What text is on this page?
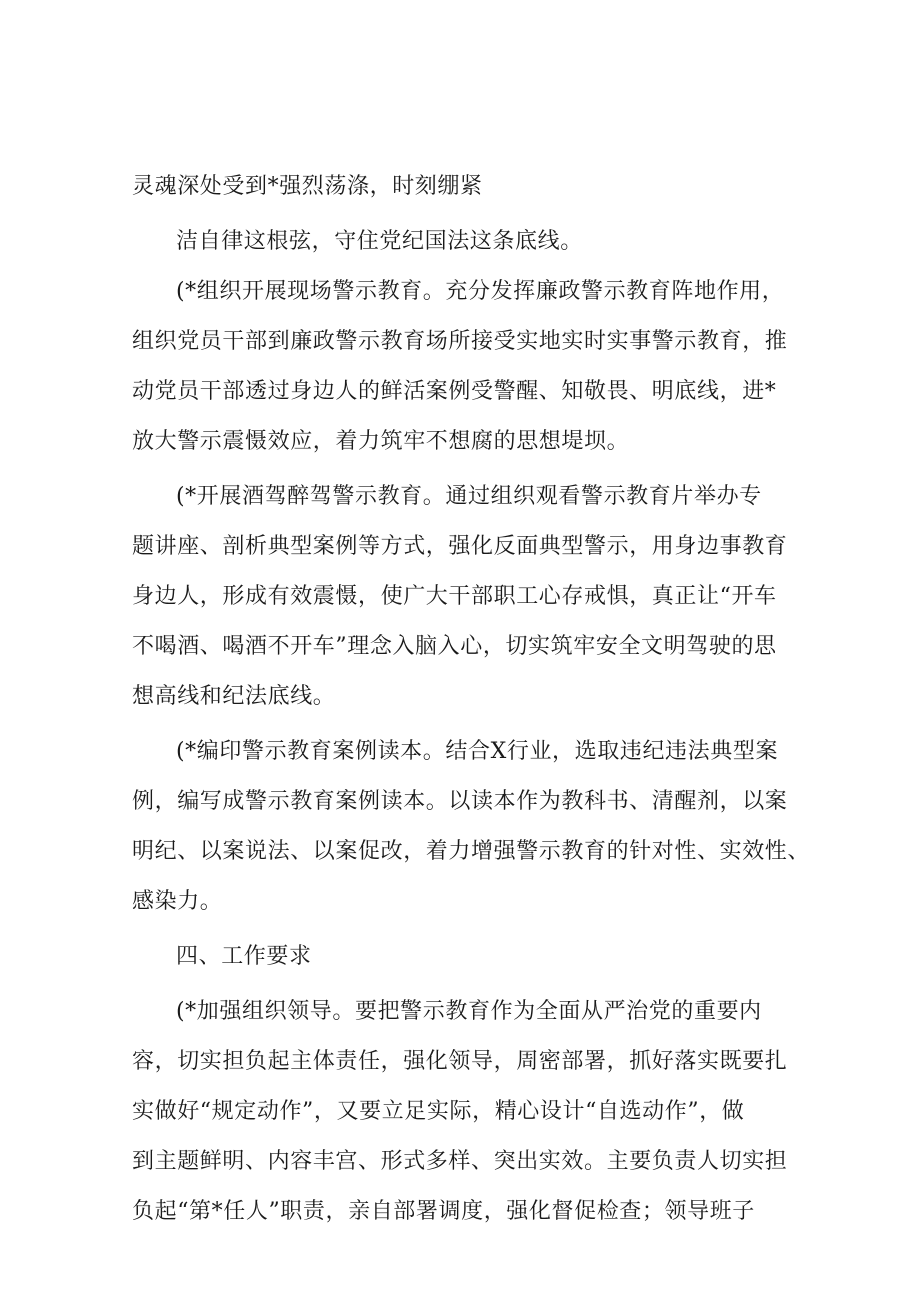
灵魂深处受到*强烈荡涤，时刻绷紧
洁自律这根弦，守住党纪国法这条底线。
(*组织开展现场警示教育。充分发挥廉政警示教育阵地作用，
组织党员干部到廉政警示教育场所接受实地实时实事警示教育，推
动党员干部透过身边人的鲜活案例受警醒、知敬畏、明底线，进*
放大警示震慑效应，着力筑牢不想腐的思想堤坝。
(*开展酒驾醉驾警示教育。通过组织观看警示教育片举办专
题讲座、剖析典型案例等方式，强化反面典型警示，用身边事教育
身边人，形成有效震慑，使广大干部职工心存戒惧，真正让“开车
不喝酒、喝酒不开车”理念入脑入心，切实筑牢安全文明驾驶的思
想高线和纪法底线。
(*编印警示教育案例读本。结合X行业，选取违纪违法典型案
例，编写成警示教育案例读本。以读本作为教科书、清醒剂，以案
明纪、以案说法、以案促改，着力增强警示教育的针对性、实效性、
感染力。
四、工作要求
(*加强组织领导。要把警示教育作为全面从严治党的重要内
容，切实担负起主体责任，强化领导，周密部署，抓好落实既要扎
实做好“规定动作”，又要立足实际，精心设计“自选动作”，做
到主题鲜明、内容丰宫、形式多样、突出实效。主要负责人切实担
负起“第*任人”职责，亲自部署调度，强化督促检查；领导班子
